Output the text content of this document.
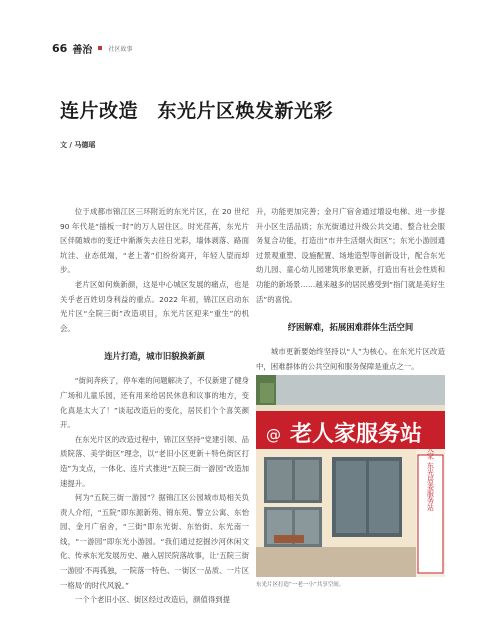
66 善治	社区故事
连片改造　东光片区焕发新光彩
文 / 马德瑶

位于成都市锦江区三环附近的东光片区，在 20 世纪 90 年代是“插板一时”的万人居住区。时光荏苒，东光片区伴随城市的变迁中渐渐失去往日光彩，墙体剥落、路面坑洼、业态低端，“老上著”们纷纷离开，年轻人望而却步。

老片区如何焕新颜，这是中心城区发展的痛点，也是关乎老百姓切身利益的重点。2022 年初，锦江区启动东光片区“全院三街”改造项目，东光片区迎来“重生”的机会。

连片打造，城市旧貌换新颜

“街间奔疾了，停车难的问题解决了，不仅新建了健身广场和儿童乐园，还有用来给居民休息和议事的地方，变化真是太大了！”谈起改造后的变化，居民们个个喜笑颜开。

在东光片区的改造过程中，锦江区坚持“党建引领、品质院落、美学街区”理念，以“老旧小区更新＋特色街区打造”为支点，一体化、连片式推进“五院三街一游园”改造加速提升。

何为“五院三街一游园”？据锦江区公园城市局相关负责人介绍，“五院”即东源新苑、锦东苑、警立公寓、东怡园、金月广宿舍，“三街”即东光街、东怡街、东光南一线，“一游园”即东光小游园。“我们通过挖掘沙河休闲文化、传承东光发展历史、融入居民院落故事，让‘五院三街一游园’不再孤独，一院落一特色、一街区一品质、一片区一格局’的时代风貌。”

一个个老旧小区、街区经过改造后，颜值得到提

升，功能更加完善；金月广宿舍通过增设电梯、进一步提升小区生活品质；东光街通过升级公共交通、整合社会服务复合功能，打造出“市井生活烟火街区”；东光小游园通过景观重塑、设施配置、场地造型等创新设计，配合东光幼儿园、童心幼儿园建筑形象更新，打造出有社会性质和功能的新场景……越来越多的居民感受到“指门就是美好生活”的喜悦。

纾困解难，拓展困难群体生活空间

城市更新要始终坚持以“人”为核心。在东光片区改造中，困难群体的公共空间和服务保障是重点之一。

@ 老人家服务站 街邻人家 东光居委服务站
东光片区打造“一老一小”共享空间。
